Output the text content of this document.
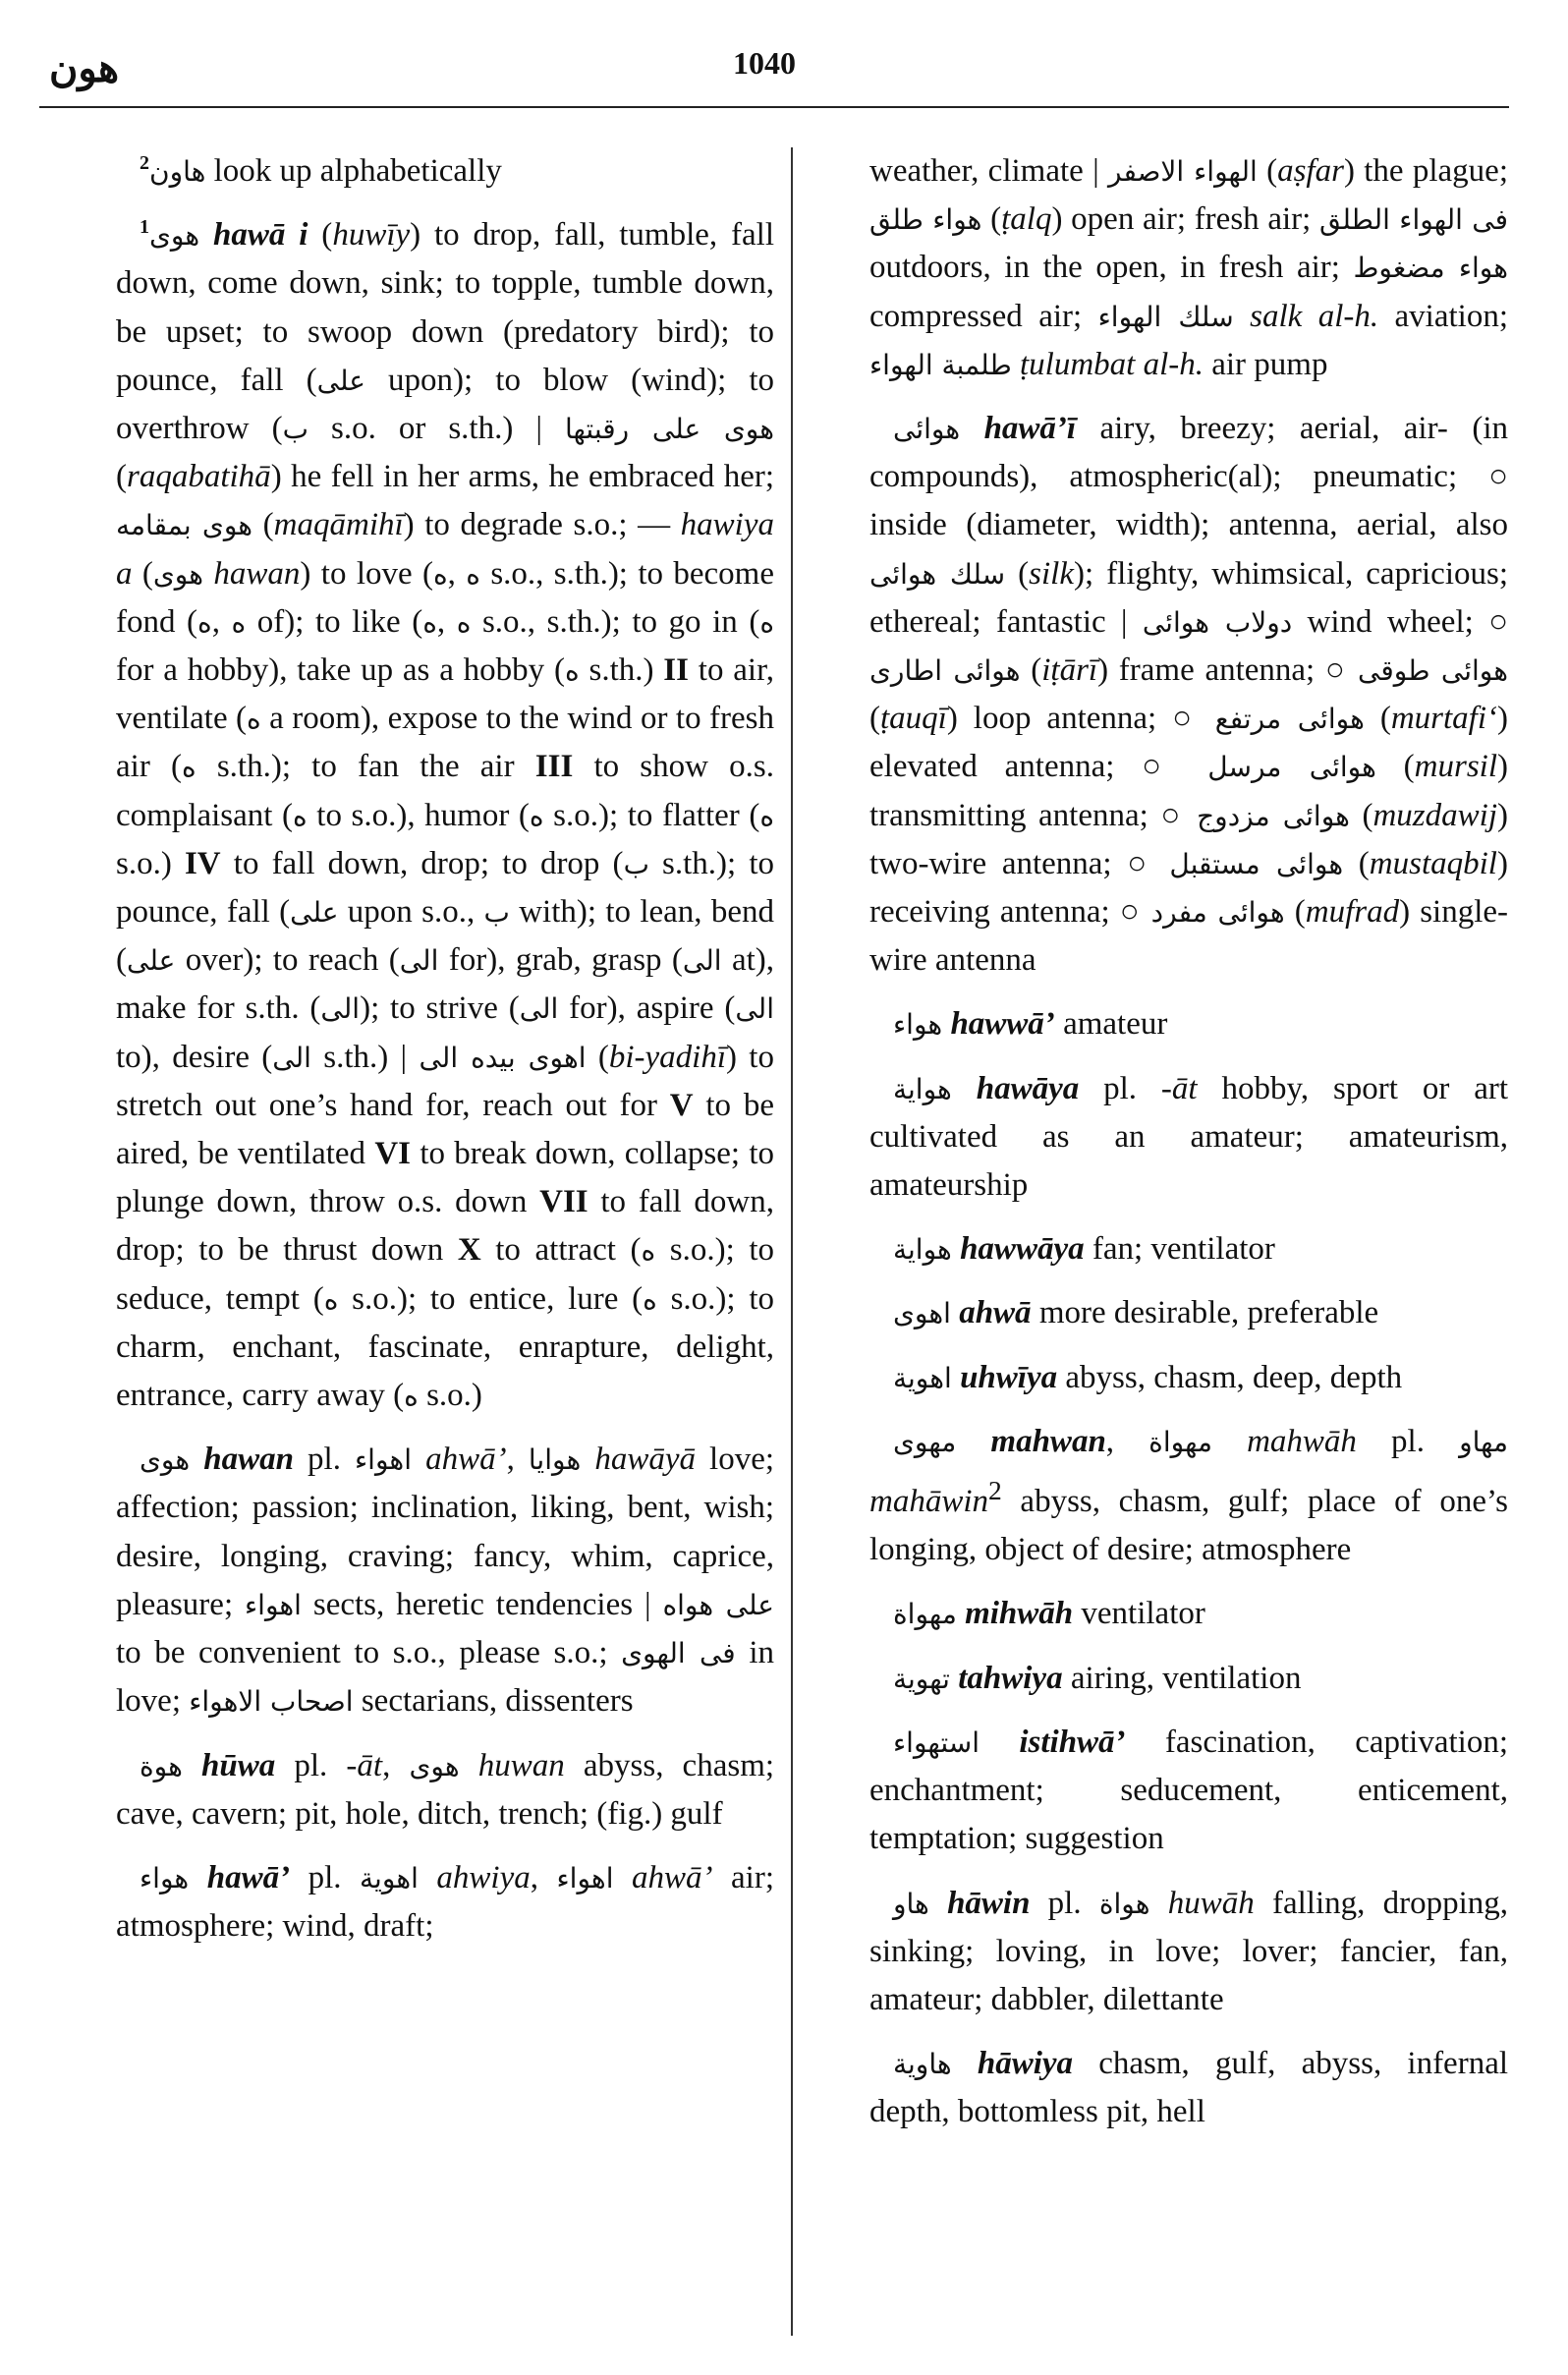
هون	1040

$^2$هاون look up alphabetically

$^1$هوى hawā i (huwīy) to drop, fall, tumble, fall down, come down, sink; to topple, tumble down, be upset; to swoop down (predatory bird); to pounce, fall (على upon); to blow (wind); to overthrow (ب s.o. or s.th.) | هوى على رقبتها (raqabatihā) he fell in her arms, he embraced her; هوى بمقامه (maqāmihī) to degrade s.o.; — hawiya a (هوى hawan) to love (ه, ه s.o., s.th.); to become fond (ه, ه of); to like (ه, ه s.o., s.th.); to go in (ه for a hobby), take up as a hobby (ه s.th.) II to air, ventilate (ه a room), expose to the wind or to fresh air (ه s.th.); to fan the air III to show o.s. complaisant (ه to s.o.), humor (ه s.o.); to flatter (ه s.o.) IV to fall down, drop; to drop (ب s.th.); to pounce, fall (على upon s.o., ب with); to lean, bend (على over); to reach (الى for), grab, grasp (الى at), make for s.th. (الى); to strive (الى for), aspire (الى to), desire (الى s.th.) | اهوى بيده الى (bi-yadihī) to stretch out one’s hand for, reach out for V to be aired, be ventilated VI to break down, collapse; to plunge down, throw o.s. down VII to fall down, drop; to be thrust down X to attract (ه s.o.); to seduce, tempt (ه s.o.); to entice, lure (ه s.o.); to charm, enchant, fascinate, enrapture, delight, entrance, carry away (ه s.o.)

هوى hawan pl. اهواء ahwā’, هوايا hawāyā love; affection; passion; inclination, liking, bent, wish; desire, longing, craving; fancy, whim, caprice, pleasure; اهواء sects, heretic tendencies | على هواه to be convenient to s.o., please s.o.; فى الهوى in love; اصحاب الاهواء sectarians, dissenters

هوة hūwa pl. -āt, هوى huwan abyss, chasm; cave, cavern; pit, hole, ditch, trench; (fig.) gulf

هواء hawā’ pl. اهوية ahwiya, اهواء ahwā’ air; atmosphere; wind, draft;

weather, climate | الهواء الاصفر (aṣfar) the plague; هواء طلق (ṭalq) open air; fresh air; فى الهواء الطلق outdoors, in the open, in fresh air; هواء مضغوط compressed air; سلك الهواء salk al-h. aviation; طلمبة الهواء ṭulumbat al-h. air pump

هوائى hawā’ī airy, breezy; aerial, air- (in compounds), atmospheric(al); pneumatic; ○ inside (diameter, width); antenna, aerial, also سلك هوائى (silk); flighty, whimsical, capricious; ethereal; fantastic | دولاب هوائى wind wheel; ○ هوائى اطارى (iṭārī) frame antenna; ○ هوائى طوقى (ṭauqī) loop antenna; ○ هوائى مرتفع (murtafi‘) elevated antenna; ○ هوائى مرسل (mursil) transmitting antenna; ○ هوائى مزدوج (muzdawij) two-wire antenna; ○ هوائى مستقبل (mustaqbil) receiving antenna; ○ هوائى مفرد (mufrad) single-wire antenna

هواء hawwā’ amateur

هواية hawāya pl. -āt hobby, sport or art cultivated as an amateur; amateurism, amateurship

هواية hawwāya fan; ventilator

اهوى ahwā more desirable, preferable

اهوية uhwīya abyss, chasm, deep, depth

مهوى mahwan, مهواة mahwāh pl. مهاو mahāwin$^2$ abyss, chasm, gulf; place of one’s longing, object of desire; atmosphere

مهواة mihwāh ventilator

تهوية tahwiya airing, ventilation

استهواء istihwā’ fascination, captivation; enchantment; seducement, enticement, temptation; suggestion

هاو hāwin pl. هواة huwāh falling, dropping, sinking; loving, in love; lover; fancier, fan, amateur; dabbler, dilettante

هاوية hāwiya chasm, gulf, abyss, infernal depth, bottomless pit, hell
